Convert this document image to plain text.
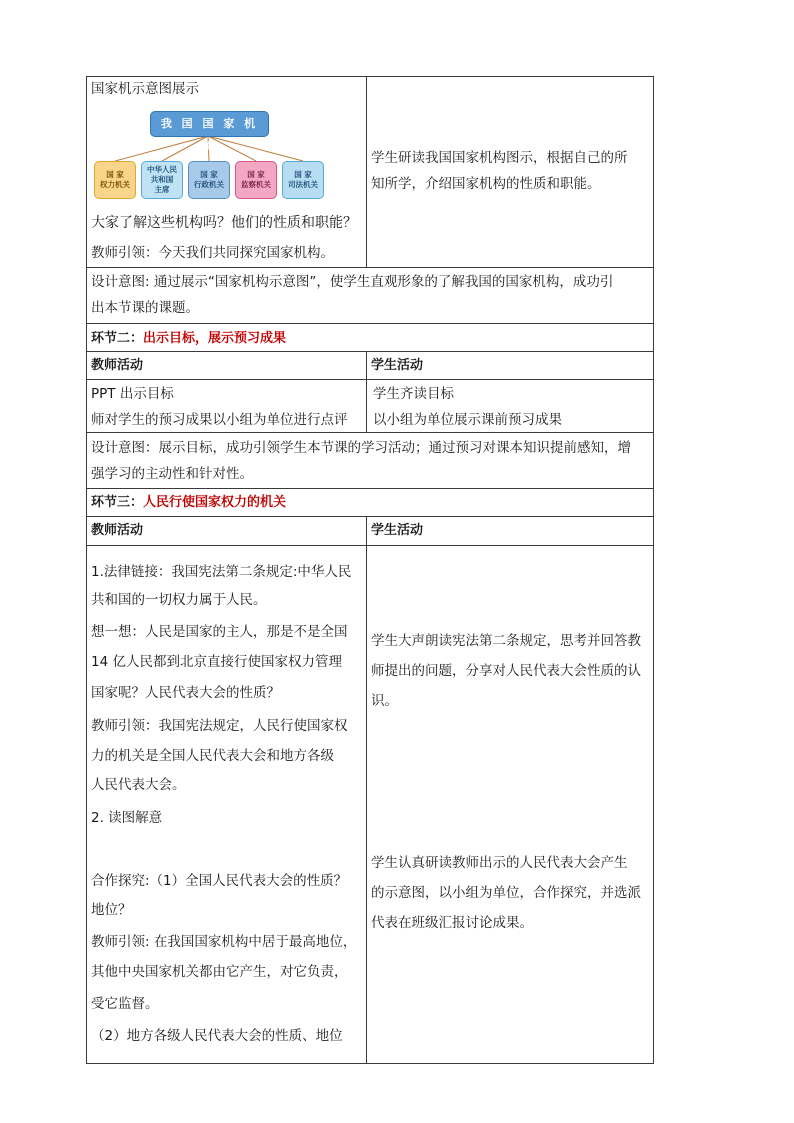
国家机示意图展示
我 国 国 家 机 构
国 家
权力机关
中华人民
共和国
主席
国 家
行政机关
国 家
监察机关
国 家
司法机关
大家了解这些机构吗？他们的性质和职能？
教师引领：今天我们共同探究国家机构。
学生研读我国国家机构图示，根据自己的所
知所学，介绍国家机构的性质和职能。
设计意图: 通过展示“国家机构示意图”，使学生直观形象的了解我国的国家机构，成功引
出本节课的课题。
环节二：出示目标，展示预习成果
教师活动	学生活动
PPT 出示目标
师对学生的预习成果以小组为单位进行点评
学生齐读目标
以小组为单位展示课前预习成果
设计意图：展示目标，成功引领学生本节课的学习活动；通过预习对课本知识提前感知，增
强学习的主动性和针对性。
环节三：人民行使国家权力的机关
教师活动	学生活动
1.法律链接：我国宪法第二条规定:中华人民
共和国的一切权力属于人民。
想一想：人民是国家的主人，那是不是全国
14 亿人民都到北京直接行使国家权力管理
国家呢？人民代表大会的性质？
教师引领：我国宪法规定，人民行使国家权
力的机关是全国人民代表大会和地方各级
人民代表大会。
2. 读图解意
合作探究:（1）全国人民代表大会的性质？
地位？
教师引领: 在我国国家机构中居于最高地位，
其他中央国家机关都由它产生，对它负责，
受它监督。
（2）地方各级人民代表大会的性质、地位
学生大声朗读宪法第二条规定，思考并回答教
师提出的问题，分享对人民代表大会性质的认
识。
学生认真研读教师出示的人民代表大会产生
的示意图，以小组为单位，合作探究，并选派
代表在班级汇报讨论成果。
